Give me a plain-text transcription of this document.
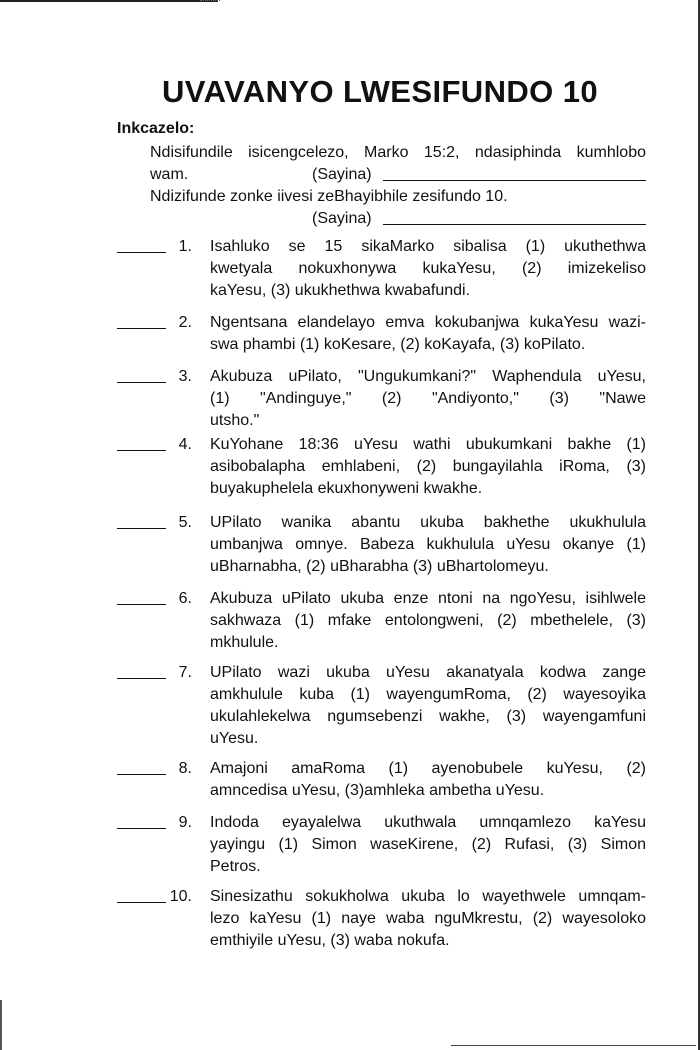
UVAVANYO LWESIFUNDO 10
Inkcazelo:
Ndisifundile isicengcelezo, Marko 15:2, ndasiphinda kumhlobo
wam.	(Sayina)
Ndizifunde zonke iivesi zeBhayibhile zesifundo 10.
(Sayina)
1. Isahluko se 15 sikaMarko sibalisa (1) ukuthethwa
kwetyala nokuxhonywa kukaYesu, (2) imizekeliso
kaYesu, (3) ukukhethwa kwabafundi.
2. Ngentsana elandelayo emva kokubanjwa kukaYesu wazi-
swa phambi (1) koKesare, (2) koKayafa, (3) koPilato.
3. Akubuza uPilato, "Ungukumkani?" Waphendula uYesu,
(1) "Andinguye," (2) "Andiyonto," (3) "Nawe
utsho."
4. KuYohane 18:36 uYesu wathi ubukumkani bakhe (1)
asibobalapha emhlabeni, (2) bungayilahla iRoma, (3)
buyakuphelela ekuxhonyweni kwakhe.
5. UPilato wanika abantu ukuba bakhethe ukukhulula
umbanjwa omnye. Babeza kukhulula uYesu okanye (1)
uBharnabha, (2) uBharabha (3) uBhartolomeyu.
6. Akubuza uPilato ukuba enze ntoni na ngoYesu, isihlwele
sakhwaza (1) mfake entolongweni, (2) mbethelele, (3)
mkhulule.
7. UPilato wazi ukuba uYesu akanatyala kodwa zange
amkhulule kuba (1) wayengumRoma, (2) wayesoyika
ukulahlekelwa ngumsebenzi wakhe, (3) wayengamfuni
uYesu.
8. Amajoni amaRoma (1) ayenobubele kuYesu, (2)
amncedisa uYesu, (3)amhleka ambetha uYesu.
9. Indoda eyayalelwa ukuthwala umnqamlezo kaYesu
yayingu (1) Simon waseKirene, (2) Rufasi, (3) Simon
Petros.
10. Sinesizathu sokukholwa ukuba lo wayethwele umnqam-
lezo kaYesu (1) naye waba nguMkrestu, (2) wayesoloko
emthiyile uYesu, (3) waba nokufa.
